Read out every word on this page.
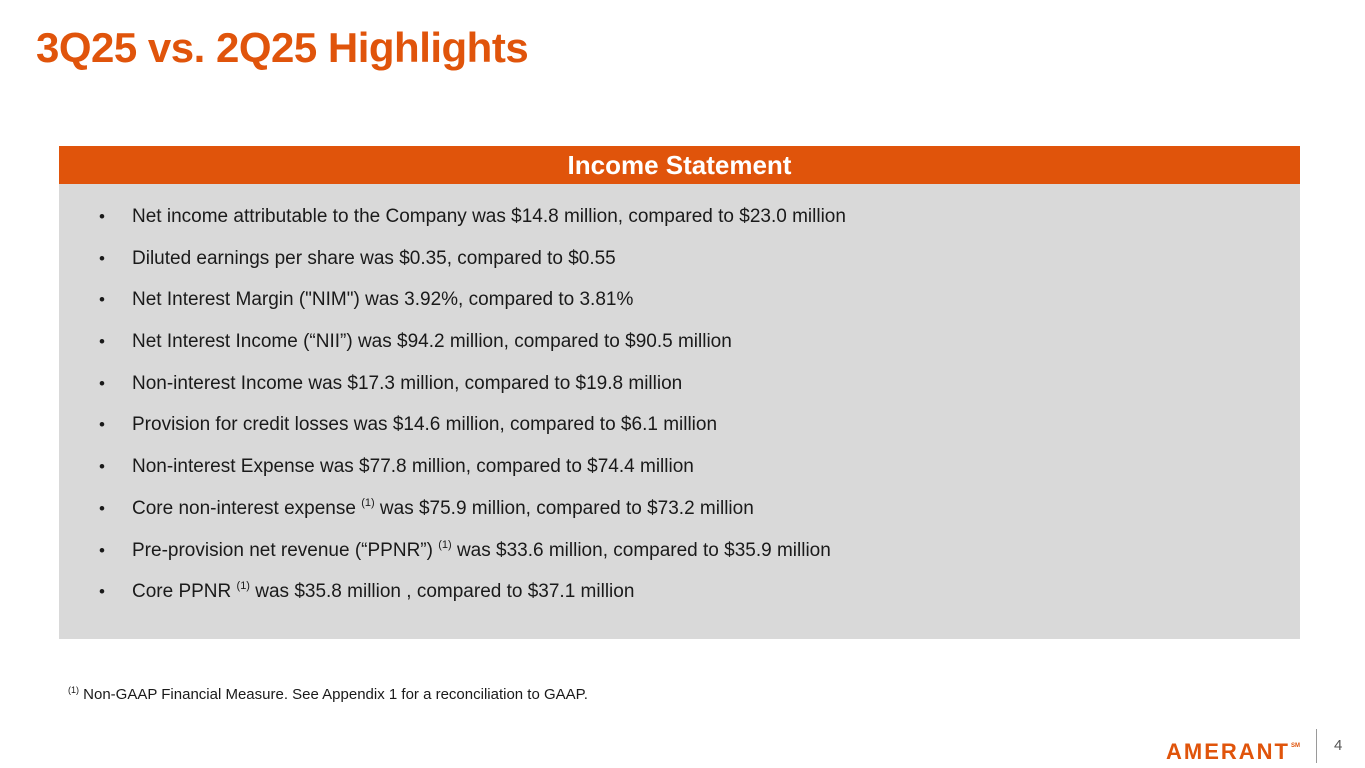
3Q25 vs. 2Q25 Highlights
Income Statement
• Net income attributable to the Company was $14.8 million, compared to $23.0 million
• Diluted earnings per share was $0.35, compared to $0.55
• Net Interest Margin ("NIM") was 3.92%, compared to 3.81%
• Net Interest Income (“NII”) was $94.2 million, compared to $90.5 million
• Non-interest Income was $17.3 million, compared to $19.8 million
• Provision for credit losses was $14.6 million, compared to $6.1 million
• Non-interest Expense was $77.8 million, compared to $74.4 million
• Core non-interest expense $^{(1)}$ was $75.9 million, compared to $73.2 million
• Pre-provision net revenue (“PPNR”) $^{(1)}$ was $33.6 million, compared to $35.9 million
• Core PPNR $^{(1)}$ was $35.8 million , compared to $37.1 million
$^{(1)}$ Non-GAAP Financial Measure. See Appendix 1 for a reconciliation to GAAP.
AMERANT℠ 4
